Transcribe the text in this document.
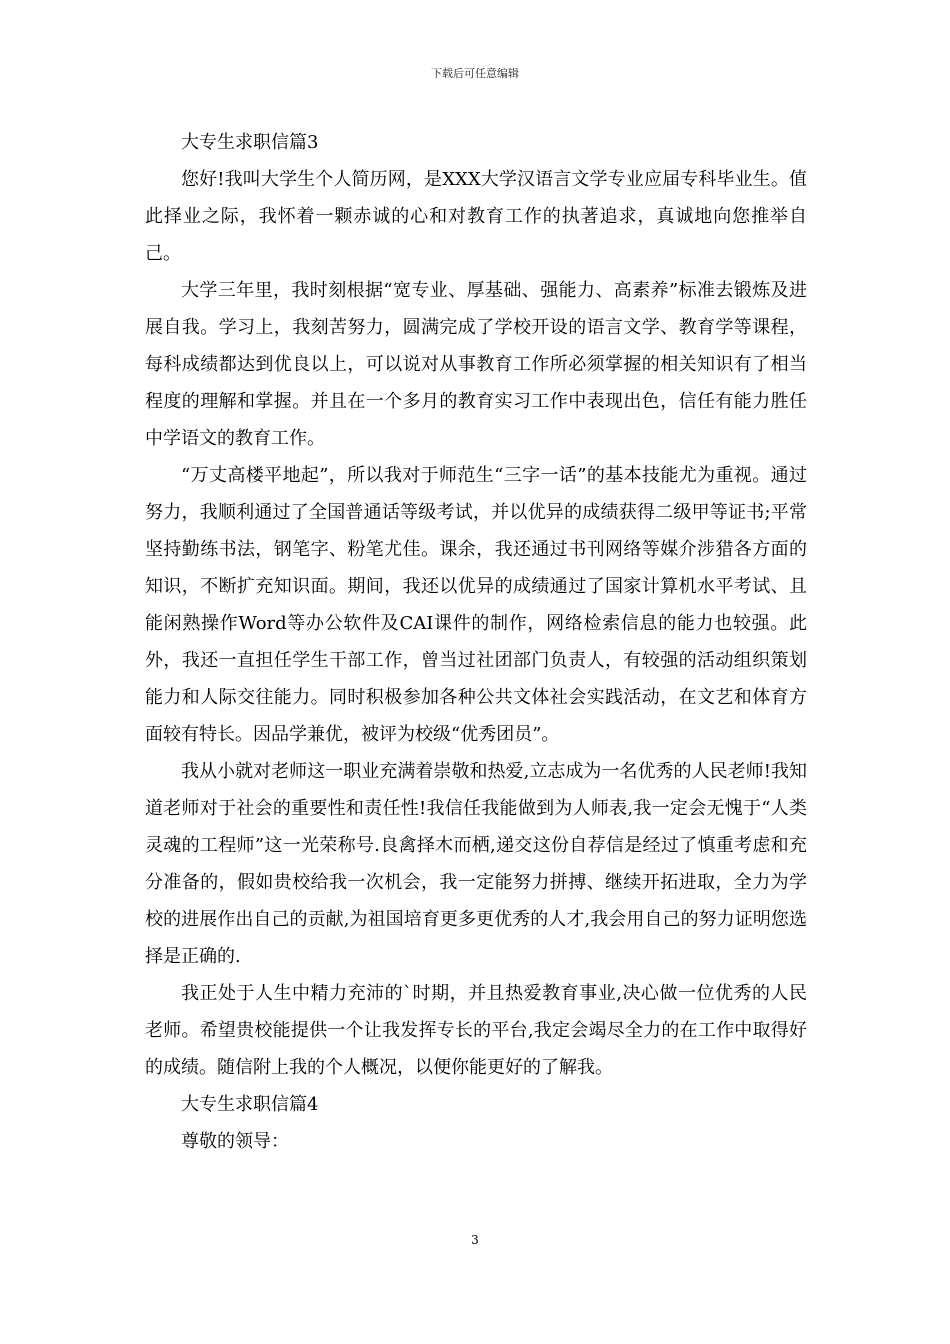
下载后可任意编辑

大专生求职信篇3

您好!我叫大学生个人简历网，是XXX大学汉语言文学专业应届专科毕业生。值此择业之际，我怀着一颗赤诚的心和对教育工作的执著追求，真诚地向您推举自己。

大学三年里，我时刻根据“宽专业、厚基础、强能力、高素养”标准去锻炼及进展自我。学习上，我刻苦努力，圆满完成了学校开设的语言文学、教育学等课程，每科成绩都达到优良以上，可以说对从事教育工作所必须掌握的相关知识有了相当程度的理解和掌握。并且在一个多月的教育实习工作中表现出色，信任有能力胜任中学语文的教育工作。

“万丈高楼平地起”，所以我对于师范生“三字一话”的基本技能尤为重视。通过努力，我顺利通过了全国普通话等级考试，并以优异的成绩获得二级甲等证书;平常坚持勤练书法，钢笔字、粉笔尤佳。课余，我还通过书刊网络等媒介涉猎各方面的知识，不断扩充知识面。期间，我还以优异的成绩通过了国家计算机水平考试、且能闲熟操作Word等办公软件及CAI课件的制作，网络检索信息的能力也较强。此外，我还一直担任学生干部工作，曾当过社团部门负责人，有较强的活动组织策划能力和人际交往能力。同时积极参加各种公共文体社会实践活动，在文艺和体育方面较有特长。因品学兼优，被评为校级“优秀团员”。

我从小就对老师这一职业充满着崇敬和热爱,立志成为一名优秀的人民老师!我知道老师对于社会的重要性和责任性!我信任我能做到为人师表,我一定会无愧于“人类灵魂的工程师”这一光荣称号.良禽择木而栖,递交这份自荐信是经过了慎重考虑和充分准备的，假如贵校给我一次机会，我一定能努力拼搏、继续开拓进取，全力为学校的进展作出自己的贡献,为祖国培育更多更优秀的人才,我会用自己的努力证明您选择是正确的.

我正处于人生中精力充沛的`时期，并且热爱教育事业,决心做一位优秀的人民老师。希望贵校能提供一个让我发挥专长的平台,我定会竭尽全力的在工作中取得好的成绩。随信附上我的个人概况，以便你能更好的了解我。

大专生求职信篇4

尊敬的领导：

3
